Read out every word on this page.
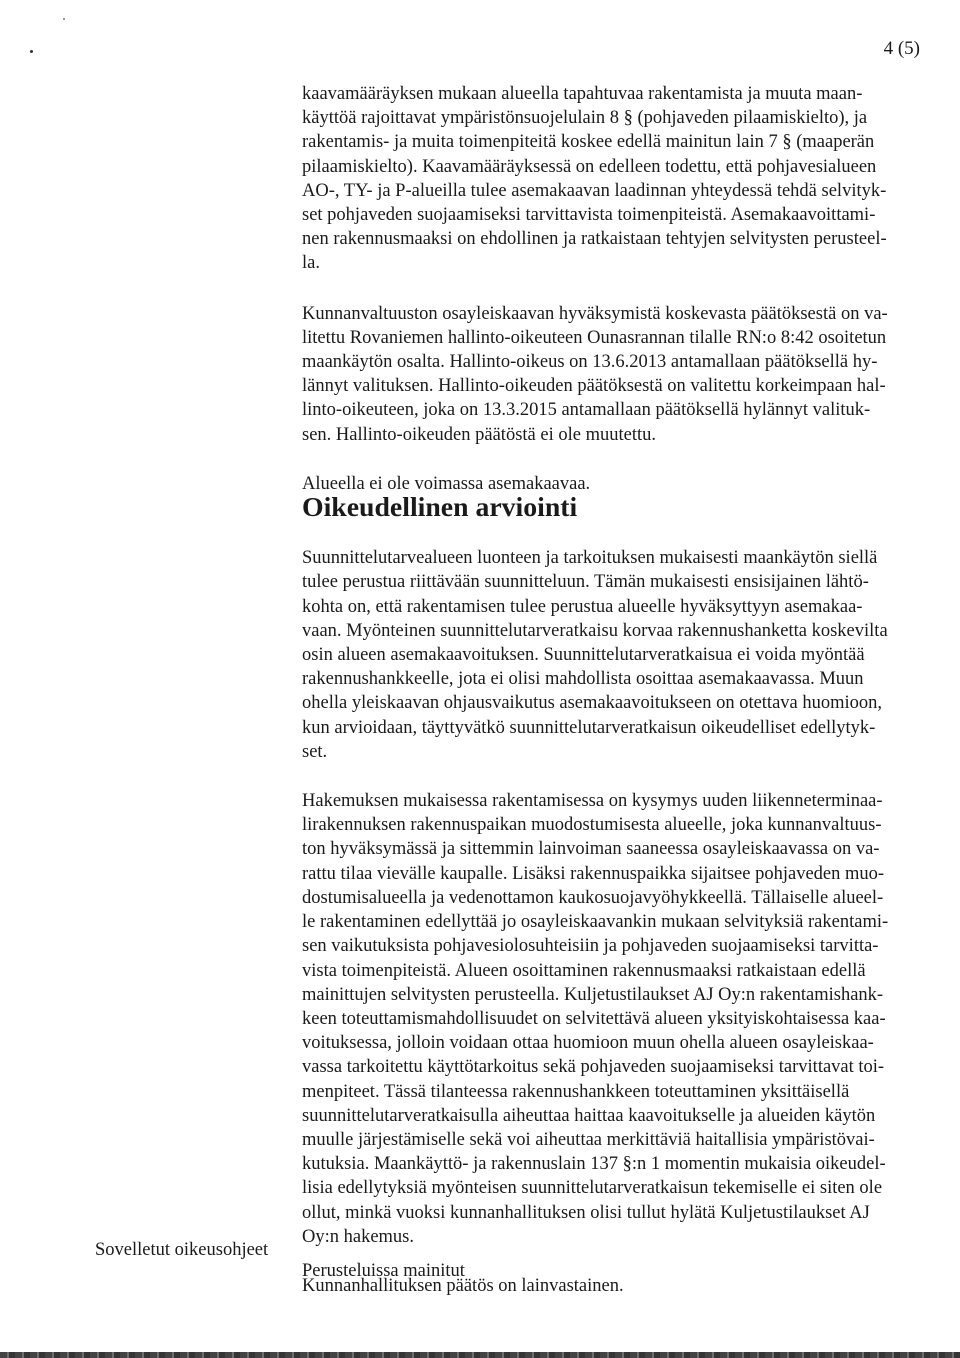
4 (5)

kaavamääräyksen mukaan alueella tapahtuvaa rakentamista ja muuta maan-
käyttöä rajoittavat ympäristönsuojelulain 8 § (pohjaveden pilaamiskielto), ja
rakentamis- ja muita toimenpiteitä koskee edellä mainitun lain 7 § (maaperän
pilaamiskielto). Kaavamääräyksessä on edelleen todettu, että pohjavesialueen
AO-, TY- ja P-alueilla tulee asemakaavan laadinnan yhteydessä tehdä selvityk-
set pohjaveden suojaamiseksi tarvittavista toimenpiteistä. Asemakaavoittami-
nen rakennusmaaksi on ehdollinen ja ratkaistaan tehtyjen selvitysten perusteel-
la.

Kunnanvaltuuston osayleiskaavan hyväksymistä koskevasta päätöksestä on va-
litettu Rovaniemen hallinto-oikeuteen Ounasrannan tilalle RN:o 8:42 osoitetun
maankäytön osalta. Hallinto-oikeus on 13.6.2013 antamallaan päätöksellä hy-
lännyt valituksen. Hallinto-oikeuden päätöksestä on valitettu korkeimpaan hal-
linto-oikeuteen, joka on 13.3.2015 antamallaan päätöksellä hylännyt valituk-
sen. Hallinto-oikeuden päätöstä ei ole muutettu.

Alueella ei ole voimassa asemakaavaa.

Oikeudellinen arviointi

Suunnittelutarvealueen luonteen ja tarkoituksen mukaisesti maankäytön siellä
tulee perustua riittävään suunnitteluun. Tämän mukaisesti ensisijainen lähtö-
kohta on, että rakentamisen tulee perustua alueelle hyväksyttyyn asemakaa-
vaan. Myönteinen suunnittelutarveratkaisu korvaa rakennushanketta koskevilta
osin alueen asemakaavoituksen. Suunnittelutarveratkaisua ei voida myöntää
rakennushankkeelle, jota ei olisi mahdollista osoittaa asemakaavassa. Muun
ohella yleiskaavan ohjausvaikutus asemakaavoitukseen on otettava huomioon,
kun arvioidaan, täyttyvätkö suunnittelutarveratkaisun oikeudelliset edellytyk-
set.

Hakemuksen mukaisessa rakentamisessa on kysymys uuden liikenneterminaa-
lirakennuksen rakennuspaikan muodostumisesta alueelle, joka kunnanvaltuus-
ton hyväksymässä ja sittemmin lainvoiman saaneessa osayleiskaavassa on va-
rattu tilaa vievälle kaupalle. Lisäksi rakennuspaikka sijaitsee pohjaveden muo-
dostumisalueella ja vedenottamon kaukosuojavyöhykkeellä. Tällaiselle alueel-
le rakentaminen edellyttää jo osayleiskaavankin mukaan selvityksiä rakentami-
sen vaikutuksista pohjavesiolosuhteisiin ja pohjaveden suojaamiseksi tarvitta-
vista toimenpiteistä. Alueen osoittaminen rakennusmaaksi ratkaistaan edellä
mainittujen selvitysten perusteella. Kuljetustilaukset AJ Oy:n rakentamishank-
keen toteuttamismahdollisuudet on selvitettävä alueen yksityiskohtaisessa kaa-
voituksessa, jolloin voidaan ottaa huomioon muun ohella alueen osayleiskaa-
vassa tarkoitettu käyttötarkoitus sekä pohjaveden suojaamiseksi tarvittavat toi-
menpiteet. Tässä tilanteessa rakennushankkeen toteuttaminen yksittäisellä
suunnittelutarveratkaisulla aiheuttaa haittaa kaavoitukselle ja alueiden käytön
muulle järjestämiselle sekä voi aiheuttaa merkittäviä haitallisia ympäristövai-
kutuksia. Maankäyttö- ja rakennuslain 137 §:n 1 momentin mukaisia oikeudel-
lisia edellytyksiä myönteisen suunnittelutarveratkaisun tekemiselle ei siten ole
ollut, minkä vuoksi kunnanhallituksen olisi tullut hylätä Kuljetustilaukset AJ
Oy:n hakemus.

Kunnanhallituksen päätös on lainvastainen.

Sovelletut oikeusohjeet
Perusteluissa mainitut
